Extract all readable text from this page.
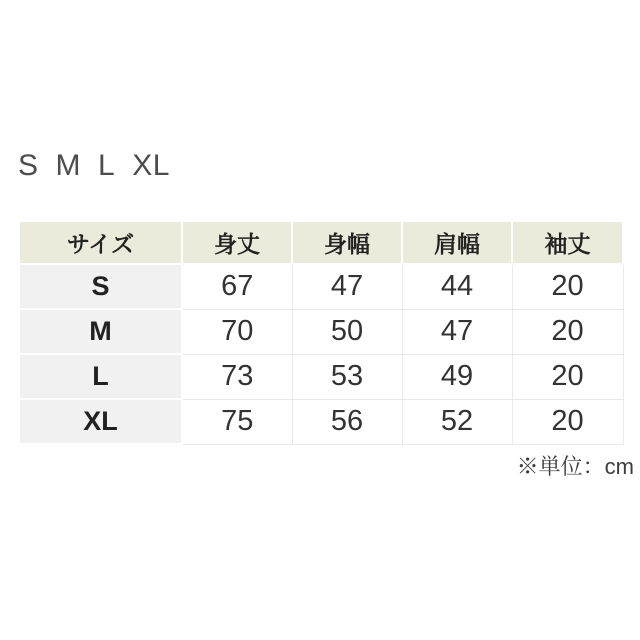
S M L XL
サイズ	身丈	身幅	肩幅	袖丈
S	67	47	44	20
M	70	50	47	20
L	73	53	49	20
XL	75	56	52	20
※単位：cm
